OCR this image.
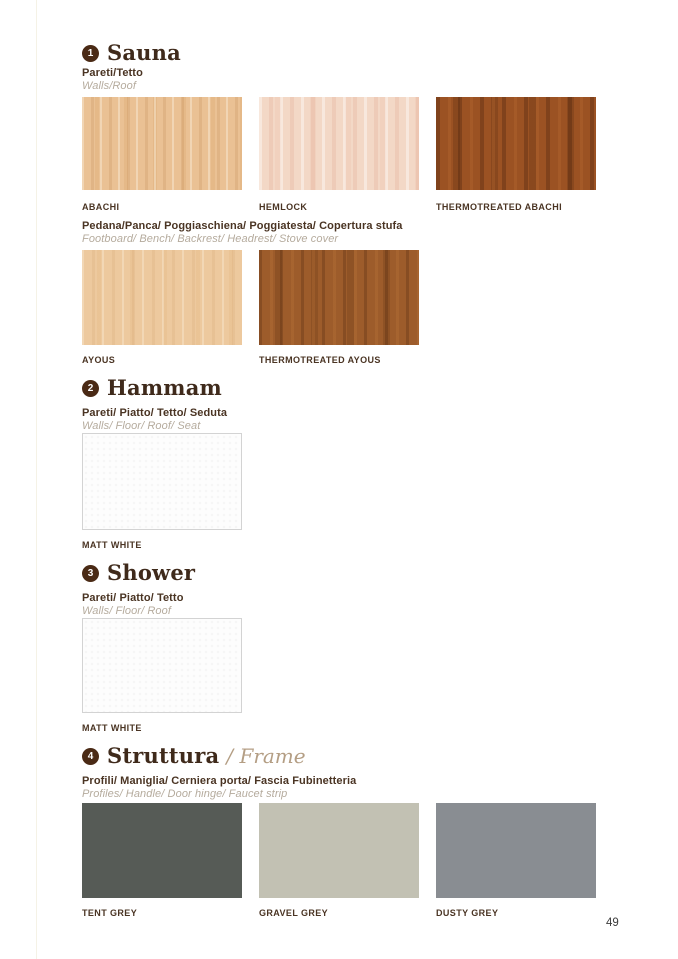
1 Sauna
Pareti/Tetto
Walls/Roof
ABACHI	HEMLOCK	THERMOTREATED ABACHI
Pedana/Panca/ Poggiaschiena/ Poggiatesta/ Copertura stufa
Footboard/ Bench/ Backrest/ Headrest/ Stove cover
AYOUS	THERMOTREATED AYOUS
2 Hammam
Pareti/ Piatto/ Tetto/ Seduta
Walls/ Floor/ Roof/ Seat
MATT WHITE
3 Shower
Pareti/ Piatto/ Tetto
Walls/ Floor/ Roof
MATT WHITE
4 Struttura / Frame
Profili/ Maniglia/ Cerniera porta/ Fascia Fubinetteria
Profiles/ Handle/ Door hinge/ Faucet strip
TENT GREY	GRAVEL GREY	DUSTY GREY
49
